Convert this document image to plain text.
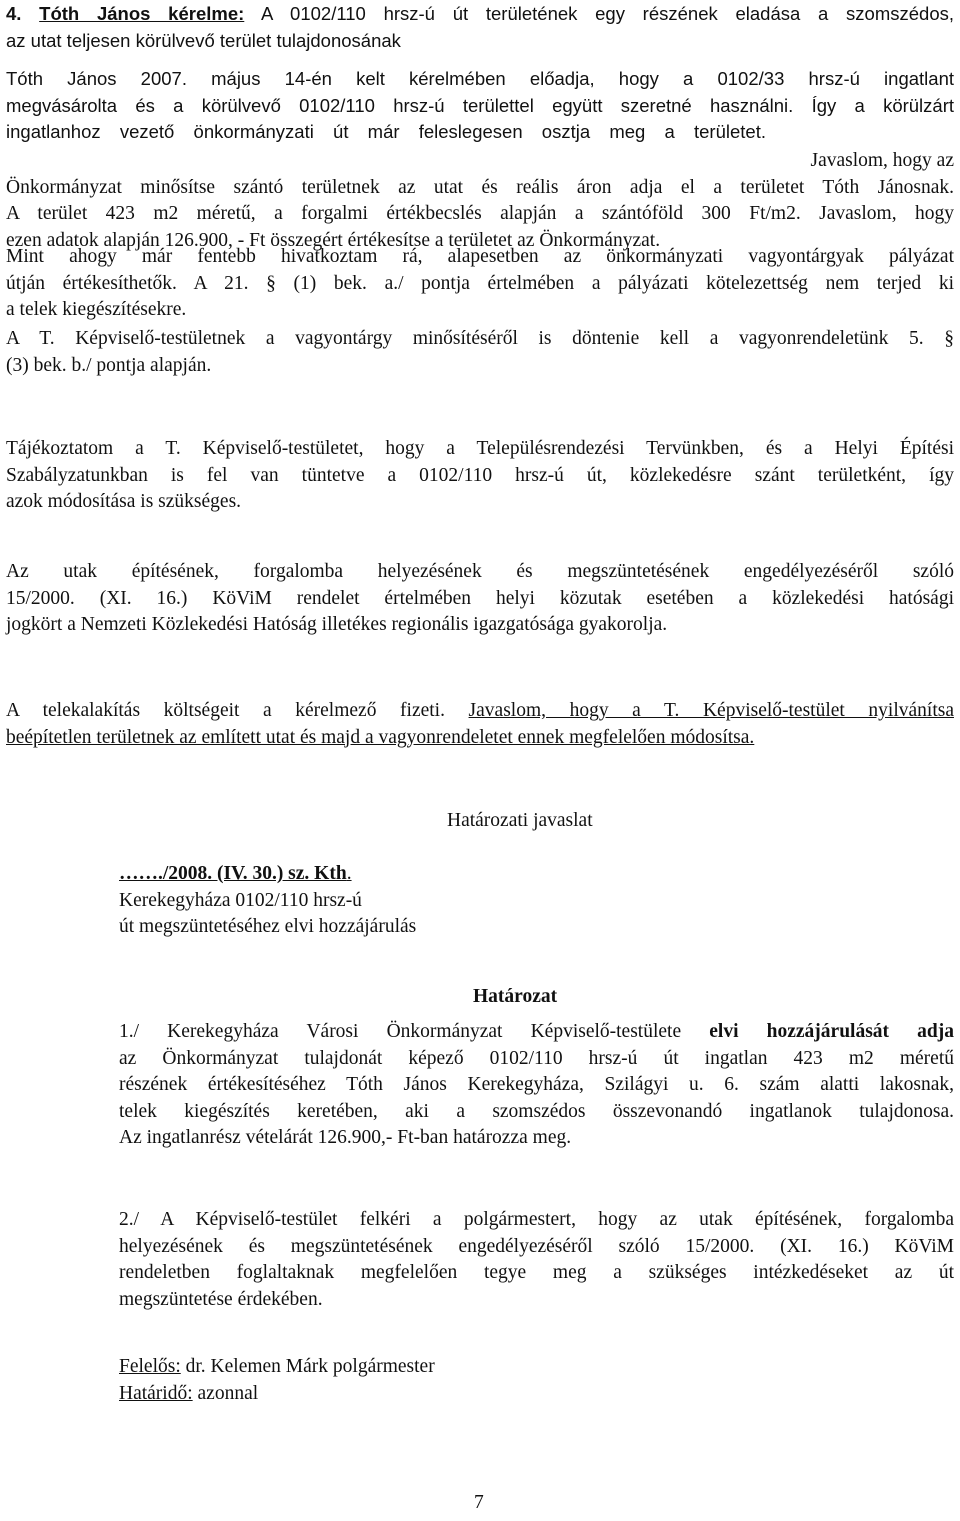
4. Tóth János kérelme: A 0102/110 hrsz-ú út területének egy részének eladása a szomszédos,
az utat teljesen körülvevő terület tulajdonosának
Tóth János 2007. május 14-én kelt kérelmében előadja, hogy a 0102/33 hrsz-ú ingatlant
megvásárolta és a körülvevő 0102/110 hrsz-ú területtel együtt szeretné használni. Így a körülzárt
ingatlanhoz vezető önkormányzati út már feleslegesen osztja meg a területet.
Önkormányzat minősítse szántó területnek az utat és reális áron adja el a területet Tóth Jánosnak.
A terület 423 m2 méretű, a forgalmi értékbecslés alapján a szántóföld 300 Ft/m2. Javaslom, hogy
ezen adatok alapján 126.900, - Ft összegért értékesítse a területet az Önkormányzat.
Javaslom, hogy az
Mint ahogy már fentebb hivatkoztam rá, alapesetben az önkormányzati vagyontárgyak pályázat
útján értékesíthetők. A 21. § (1) bek. a./ pontja értelmében a pályázati kötelezettség nem terjed ki
a telek kiegészítésekre.
A T. Képviselő-testületnek a vagyontárgy minősítéséről is döntenie kell a vagyonrendeletünk 5. §
(3) bek. b./ pontja alapján.
Tájékoztatom a T. Képviselő-testületet, hogy a Településrendezési Tervünkben, és a Helyi Építési
Szabályzatunkban is fel van tüntetve a 0102/110 hrsz-ú út, közlekedésre szánt területként, így
azok módosítása is szükséges.
Az utak építésének, forgalomba helyezésének és megszüntetésének engedélyezéséről szóló
15/2000. (XI. 16.) KöViM rendelet értelmében helyi közutak esetében a közlekedési hatósági
jogkört a Nemzeti Közlekedési Hatóság illetékes regionális igazgatósága gyakorolja.
A telekalakítás költségeit a kérelmező fizeti. Javaslom, hogy a T. Képviselő-testület nyilvánítsa
beépítetlen területnek az említett utat és majd a vagyonrendeletet ennek megfelelően módosítsa.
Határozati javaslat
……./2008. (IV. 30.) sz. Kth.
Kerekegyháza 0102/110 hrsz-ú
út megszüntetéséhez elvi hozzájárulás
Határozat
1./ Kerekegyháza Városi Önkormányzat Képviselő-testülete elvi hozzájárulását adja
az Önkormányzat tulajdonát képező 0102/110 hrsz-ú út ingatlan 423 m2 méretű
részének értékesítéséhez Tóth János Kerekegyháza, Szilágyi u. 6. szám alatti lakosnak,
telek kiegészítés keretében, aki a szomszédos összevonandó ingatlanok tulajdonosa.
Az ingatlanrész vételárát 126.900,- Ft-ban határozza meg.
2./ A Képviselő-testület felkéri a polgármestert, hogy az utak építésének, forgalomba
helyezésének és megszüntetésének engedélyezéséről szóló 15/2000. (XI. 16.) KöViM
rendeletben foglaltaknak megfelelően tegye meg a szükséges intézkedéseket az út
megszüntetése érdekében.
Felelős: dr. Kelemen Márk polgármester
Határidő: azonnal
7
